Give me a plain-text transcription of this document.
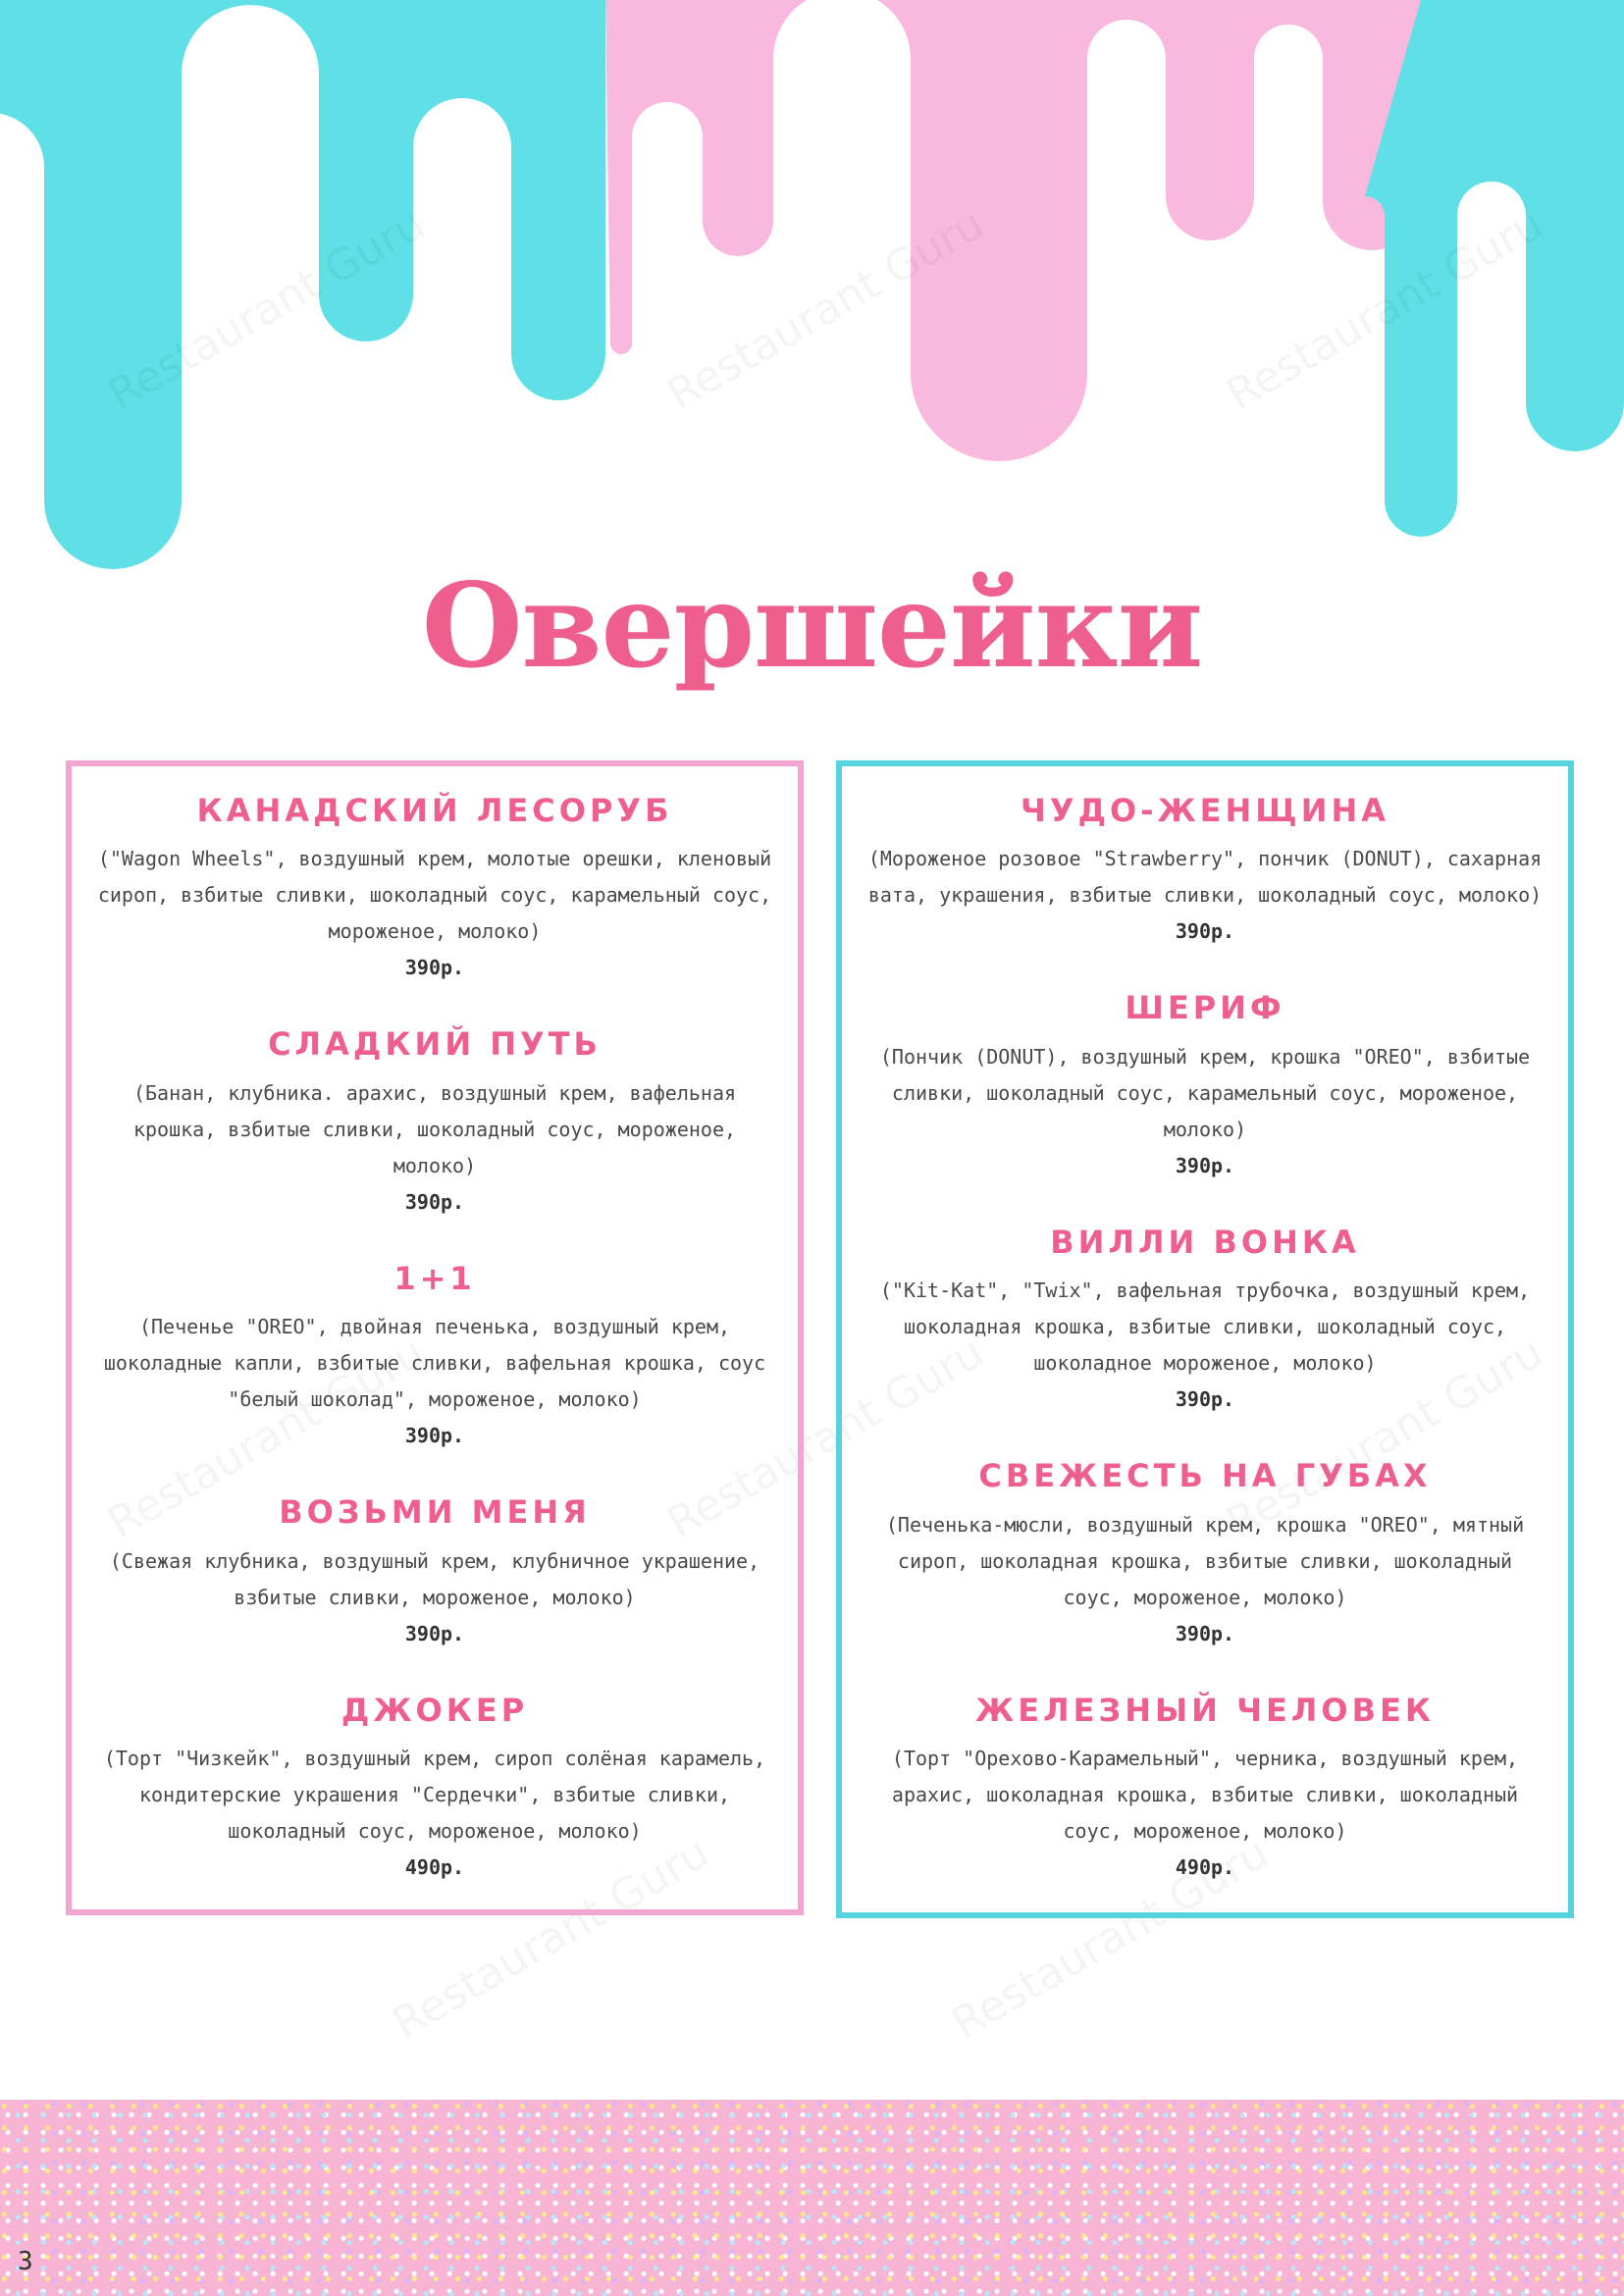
Овершейки
КАНАДСКИЙ ЛЕСОРУБ
("Wagon Wheels", воздушный крем, молотые орешки, кленовый сироп, взбитые сливки, шоколадный соус, карамельный соус, мороженое, молоко)
390р.
СЛАДКИЙ ПУТЬ
(Банан, клубника. арахис, воздушный крем, вафельная крошка, взбитые сливки, шоколадный соус, мороженое, молоко)
390р.
1+1
(Печенье "OREO", двойная печенька, воздушный крем, шоколадные капли, взбитые сливки, вафельная крошка, соус "белый шоколад", мороженое, молоко)
390р.
ВОЗЬМИ МЕНЯ
(Свежая клубника, воздушный крем, клубничное украшение, взбитые сливки, мороженое, молоко)
390р.
ДЖОКЕР
(Торт "Чизкейк", воздушный крем, сироп солёная карамель, кондитерские украшения "Сердечки", взбитые сливки, шоколадный соус, мороженое, молоко)
490р.
ЧУДО-ЖЕНЩИНА
(Мороженое розовое "Strawberry", пончик (DONUT), сахарная вата, украшения, взбитые сливки, шоколадный соус, молоко)
390р.
ШЕРИФ
(Пончик (DONUT), воздушный крем, крошка "OREO", взбитые сливки, шоколадный соус, карамельный соус, мороженое, молоко)
390р.
ВИЛЛИ ВОНКА
("Kit-Kat", "Twix", вафельная трубочка, воздушный крем, шоколадная крошка, взбитые сливки, шоколадный соус, шоколадное мороженое, молоко)
390р.
СВЕЖЕСТЬ НА ГУБАХ
(Печенька-мюсли, воздушный крем, крошка "OREO", мятный сироп, шоколадная крошка, взбитые сливки, шоколадный соус, мороженое, молоко)
390р.
ЖЕЛЕЗНЫЙ ЧЕЛОВЕК
(Торт "Орехово-Карамельный", черника, воздушный крем, арахис, шоколадная крошка, взбитые сливки, шоколадный соус, мороженое, молоко)
490р.
3
